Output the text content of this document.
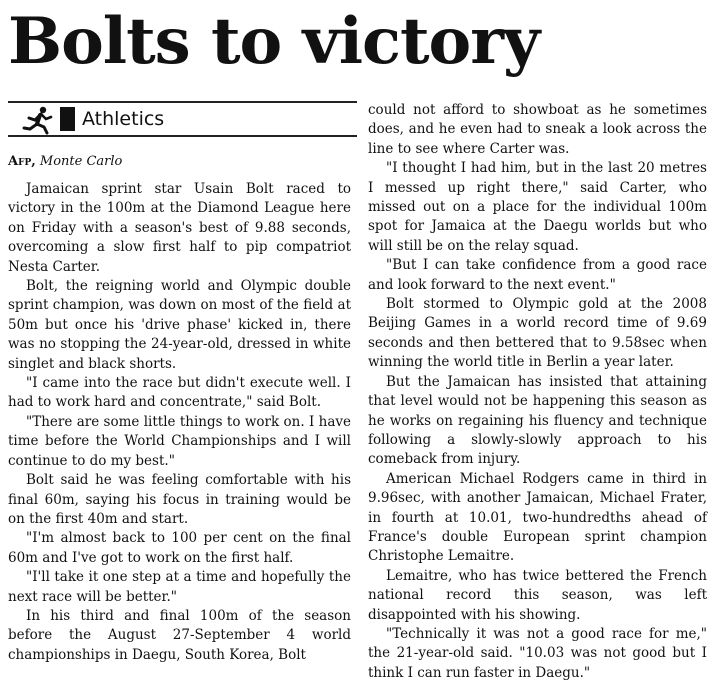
Bolts to victory
Athletics
Afp, Monte Carlo

Jamaican sprint star Usain Bolt raced to victory in the 100m at the Diamond League here on Friday with a season's best of 9.88 seconds, overcoming a slow first half to pip compatriot Nesta Carter.

Bolt, the reigning world and Olympic double sprint champion, was down on most of the field at 50m but once his 'drive phase' kicked in, there was no stopping the 24-year-old, dressed in white singlet and black shorts.

"I came into the race but didn't execute well. I had to work hard and concentrate," said Bolt.

"There are some little things to work on. I have time before the World Championships and I will continue to do my best."

Bolt said he was feeling comfortable with his final 60m, saying his focus in training would be on the first 40m and start.

"I'm almost back to 100 per cent on the final 60m and I've got to work on the first half.

"I'll take it one step at a time and hopefully the next race will be better."

In his third and final 100m of the season before the August 27-September 4 world championships in Daegu, South Korea, Bolt

could not afford to showboat as he sometimes does, and he even had to sneak a look across the line to see where Carter was.

"I thought I had him, but in the last 20 metres I messed up right there," said Carter, who missed out on a place for the individual 100m spot for Jamaica at the Daegu worlds but who will still be on the relay squad.

"But I can take confidence from a good race and look forward to the next event."

Bolt stormed to Olympic gold at the 2008 Beijing Games in a world record time of 9.69 seconds and then bettered that to 9.58sec when winning the world title in Berlin a year later.

But the Jamaican has insisted that attaining that level would not be happening this season as he works on regaining his fluency and technique following a slowly-slowly approach to his comeback from injury.

American Michael Rodgers came in third in 9.96sec, with another Jamaican, Michael Frater, in fourth at 10.01, two-hundredths ahead of France's double European sprint champion Christophe Lemaitre.

Lemaitre, who has twice bettered the French national record this season, was left disappointed with his showing.

"Technically it was not a good race for me," the 21-year-old said. "10.03 was not good but I think I can run faster in Daegu."
